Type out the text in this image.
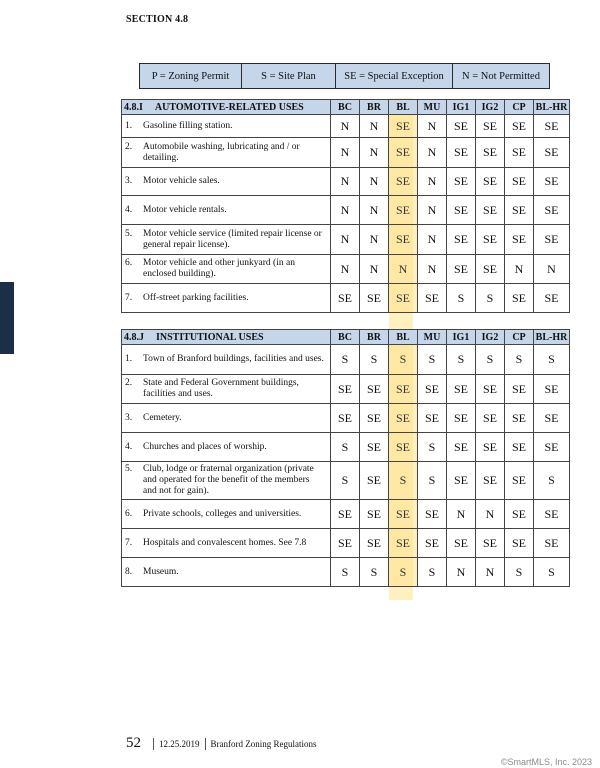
SECTION 4.8
P = Zoning Permit	S = Site Plan	SE = Special Exception	N = Not Permitted
4.8.I AUTOMOTIVE-RELATED USES	BC	BR	BL	MU	IG1	IG2	CP	BL-HR
1. Gasoline filling station.	N	N	SE	N	SE	SE	SE	SE
2. Automobile washing, lubricating and / or detailing.	N	N	SE	N	SE	SE	SE	SE
3. Motor vehicle sales.	N	N	SE	N	SE	SE	SE	SE
4. Motor vehicle rentals.	N	N	SE	N	SE	SE	SE	SE
5. Motor vehicle service (limited repair license or general repair license).	N	N	SE	N	SE	SE	SE	SE
6. Motor vehicle and other junkyard (in an enclosed building).	N	N	N	N	SE	SE	N	N
7. Off-street parking facilities.	SE	SE	SE	SE	S	S	SE	SE
4.8.J INSTITUTIONAL USES	BC	BR	BL	MU	IG1	IG2	CP	BL-HR
1. Town of Branford buildings, facilities and uses.	S	S	S	S	S	S	S	S
2. State and Federal Government buildings, facilities and uses.	SE	SE	SE	SE	SE	SE	SE	SE
3. Cemetery.	SE	SE	SE	SE	SE	SE	SE	SE
4. Churches and places of worship.	S	SE	SE	S	SE	SE	SE	SE
5. Club, lodge or fraternal organization (private and operated for the benefit of the members and not for gain).	S	SE	S	S	SE	SE	SE	S
6. Private schools, colleges and universities.	SE	SE	SE	SE	N	N	SE	SE
7. Hospitals and convalescent homes. See 7.8	SE	SE	SE	SE	SE	SE	SE	SE
8. Museum.	S	S	S	S	N	N	S	S
52 12.25.2019 Branford Zoning Regulations
©SmartMLS, Inc. 2023
